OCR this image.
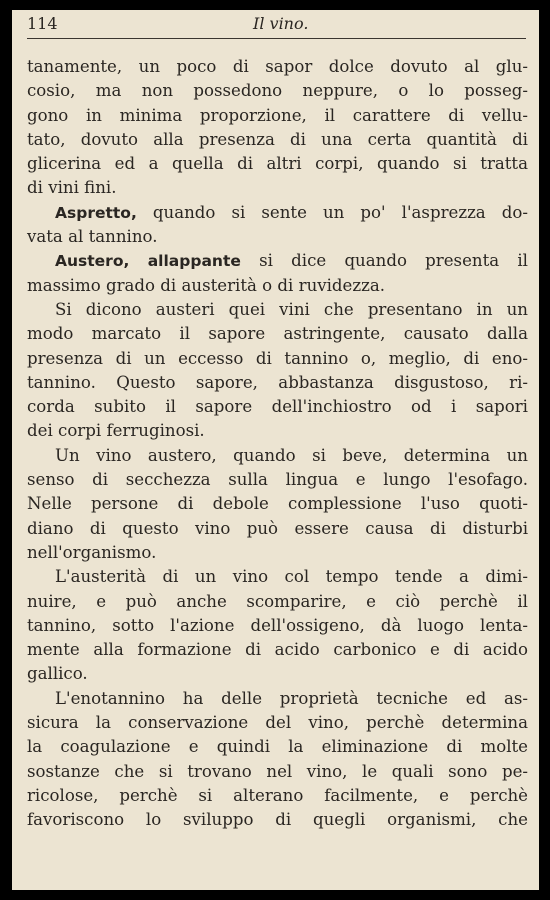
114	Il vino.
tanamente, un poco di sapor dolce dovuto al glu-
cosio, ma non possedono neppure, o lo posseg-
gono in minima proporzione, il carattere di vellu-
tato, dovuto alla presenza di una certa quantità di
glicerina ed a quella di altri corpi, quando si tratta
di vini fini.
Aspretto, quando si sente un po' l'asprezza do-
vata al tannino.
Austero, allappante si dice quando presenta il
massimo grado di austerità o di ruvidezza.
Si dicono austeri quei vini che presentano in un
modo marcato il sapore astringente, causato dalla
presenza di un eccesso di tannino o, meglio, di eno-
tannino. Questo sapore, abbastanza disgustoso, ri-
corda subito il sapore dell'inchiostro od i sapori
dei corpi ferruginosi.
Un vino austero, quando si beve, determina un
senso di secchezza sulla lingua e lungo l'esofago.
Nelle persone di debole complessione l'uso quoti-
diano di questo vino può essere causa di disturbi
nell'organismo.
L'austerità di un vino col tempo tende a dimi-
nuire, e può anche scomparire, e ciò perchè il
tannino, sotto l'azione dell'ossigeno, dà luogo lenta-
mente alla formazione di acido carbonico e di acido
gallico.
L'enotannino ha delle proprietà tecniche ed as-
sicura la conservazione del vino, perchè determina
la coagulazione e quindi la eliminazione di molte
sostanze che si trovano nel vino, le quali sono pe-
ricolose, perchè si alterano facilmente, e perchè
favoriscono lo sviluppo di quegli organismi, che
